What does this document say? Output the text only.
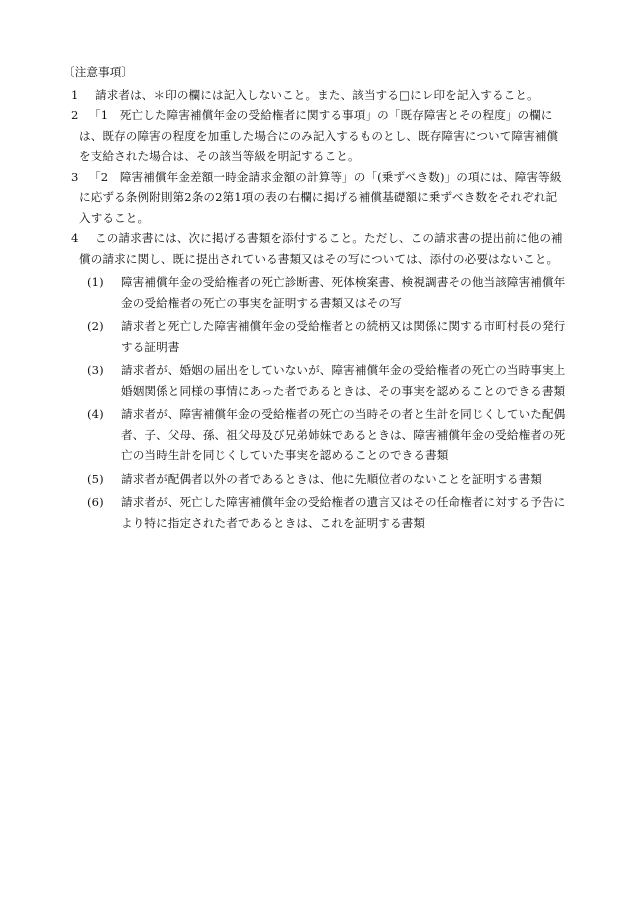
〔注意事項〕
1 請求者は、＊印の欄には記入しないこと。また、該当する□にレ印を記入すること。
2 「1　死亡した障害補償年金の受給権者に関する事項」の「既存障害とその程度」の欄には、既存の障害の程度を加重した場合にのみ記入するものとし、既存障害について障害補償を支給された場合は、その該当等級を明記すること。
3 「2　障害補償年金差額一時金請求金額の計算等」の「(乗ずべき数)」の項には、障害等級に応ずる条例附則第2条の2第1項の表の右欄に掲げる補償基礎額に乗ずべき数をそれぞれ記入すること。
4 この請求書には、次に掲げる書類を添付すること。ただし、この請求書の提出前に他の補償の請求に関し、既に提出されている書類又はその写については、添付の必要はないこと。
(1) 障害補償年金の受給権者の死亡診断書、死体検案書、検視調書その他当該障害補償年金の受給権者の死亡の事実を証明する書類又はその写
(2) 請求者と死亡した障害補償年金の受給権者との続柄又は関係に関する市町村長の発行する証明書
(3) 請求者が、婚姻の届出をしていないが、障害補償年金の受給権者の死亡の当時事実上婚姻関係と同様の事情にあった者であるときは、その事実を認めることのできる書類
(4) 請求者が、障害補償年金の受給権者の死亡の当時その者と生計を同じくしていた配偶者、子、父母、孫、祖父母及び兄弟姉妹であるときは、障害補償年金の受給権者の死亡の当時生計を同じくしていた事実を認めることのできる書類
(5) 請求者が配偶者以外の者であるときは、他に先順位者のないことを証明する書類
(6) 請求者が、死亡した障害補償年金の受給権者の遺言又はその任命権者に対する予告により特に指定された者であるときは、これを証明する書類
